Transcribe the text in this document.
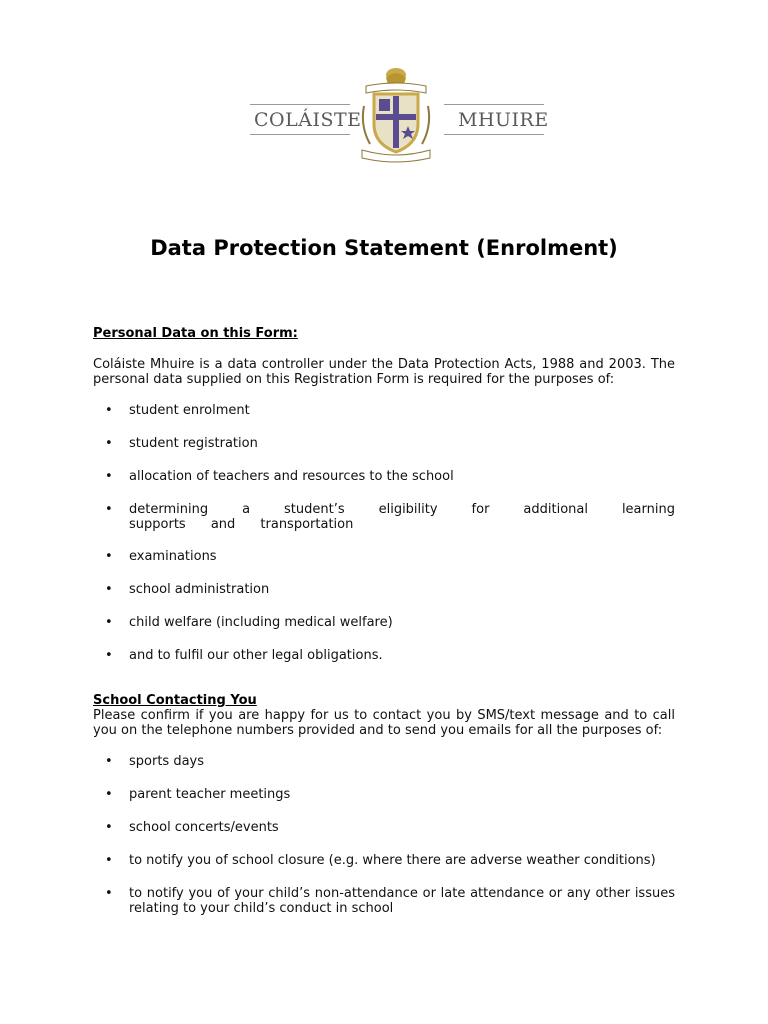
COLÁISTE	MHUIRE
Data Protection Statement (Enrolment)
Personal Data on this Form:
Coláiste Mhuire is a data controller under the Data Protection Acts, 1988 and 2003. The
personal data supplied on this Registration Form is required for the purposes of:
• student enrolment
• student registration
• allocation of teachers and resources to the school
• determining a student’s eligibility for additional learning supports and transportation
• examinations
• school administration
• child welfare (including medical welfare)
• and to fulfil our other legal obligations.
School Contacting You
Please confirm if you are happy for us to contact you by SMS/text message and to call
you on the telephone numbers provided and to send you emails for all the purposes of:
• sports days
• parent teacher meetings
• school concerts/events
• to notify you of school closure (e.g. where there are adverse weather conditions)
• to notify you of your child’s non-attendance or late attendance or any other issues relating to your child’s conduct in school
